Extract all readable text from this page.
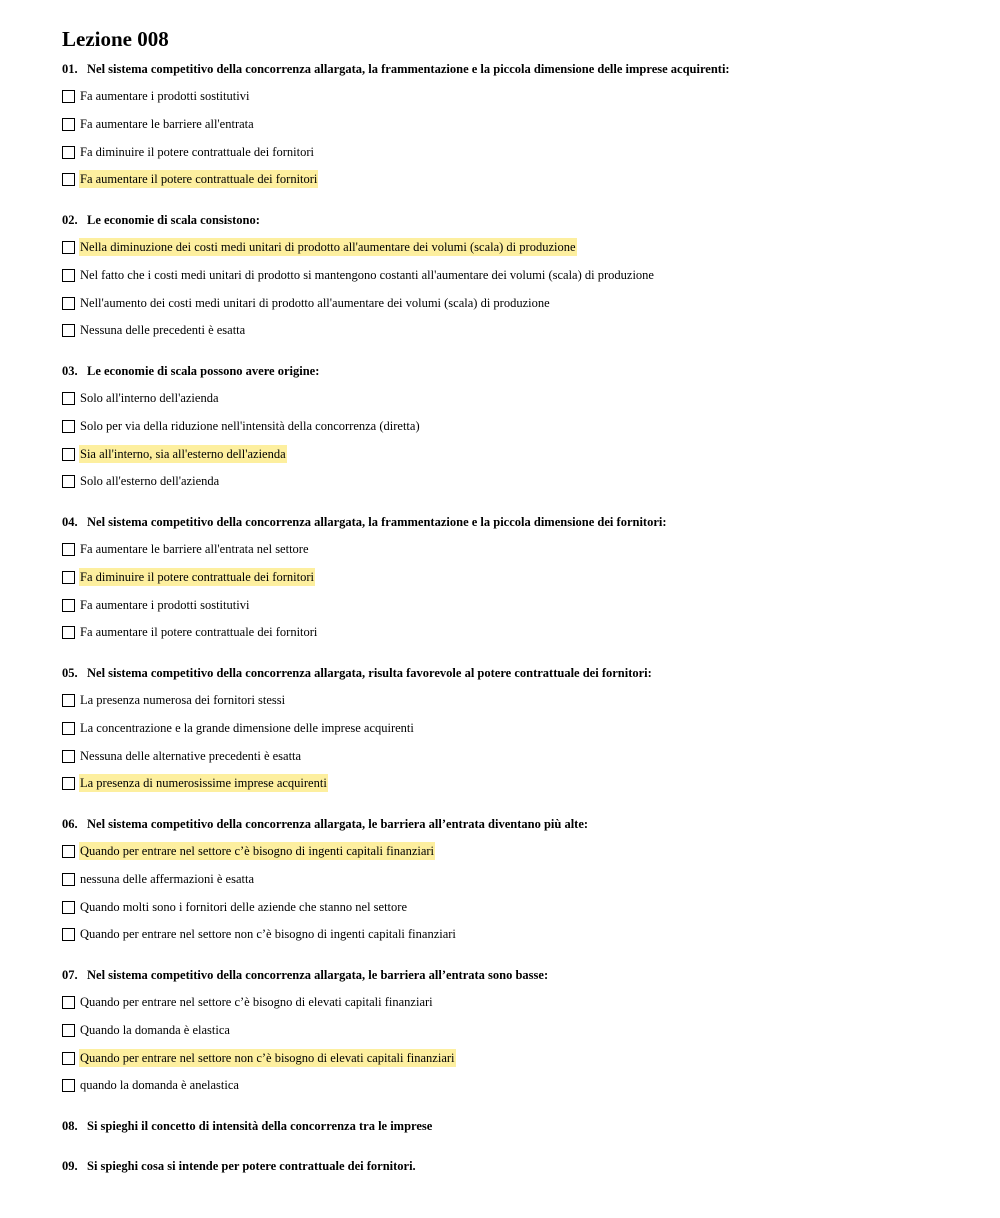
Lezione 008
01. Nel sistema competitivo della concorrenza allargata, la frammentazione e la piccola dimensione delle imprese acquirenti:
Fa aumentare i prodotti sostitutivi
Fa aumentare le barriere all'entrata
Fa diminuire il potere contrattuale dei fornitori
Fa aumentare il potere contrattuale dei fornitori
02. Le economie di scala consistono:
Nella diminuzione dei costi medi unitari di prodotto all'aumentare dei volumi (scala) di produzione
Nel fatto che i costi medi unitari di prodotto si mantengono costanti all'aumentare dei volumi (scala) di produzione
Nell'aumento dei costi medi unitari di prodotto all'aumentare dei volumi (scala) di produzione
Nessuna delle precedenti è esatta
03. Le economie di scala possono avere origine:
Solo all'interno dell'azienda
Solo per via della riduzione nell'intensità della concorrenza (diretta)
Sia all'interno, sia all'esterno dell'azienda
Solo all'esterno dell'azienda
04. Nel sistema competitivo della concorrenza allargata, la frammentazione e la piccola dimensione dei fornitori:
Fa aumentare le barriere all'entrata nel settore
Fa diminuire il potere contrattuale dei fornitori
Fa aumentare i prodotti sostitutivi
Fa aumentare il potere contrattuale dei fornitori
05. Nel sistema competitivo della concorrenza allargata, risulta favorevole al potere contrattuale dei fornitori:
La presenza numerosa dei fornitori stessi
La concentrazione e la grande dimensione delle imprese acquirenti
Nessuna delle alternative precedenti è esatta
La presenza di numerosissime imprese acquirenti
06. Nel sistema competitivo della concorrenza allargata, le barriera all’entrata diventano più alte:
Quando per entrare nel settore c’è bisogno di ingenti capitali finanziari
nessuna delle affermazioni è esatta
Quando molti sono i fornitori delle aziende che stanno nel settore
Quando per entrare nel settore non c’è bisogno di ingenti capitali finanziari
07. Nel sistema competitivo della concorrenza allargata, le barriera all’entrata sono basse:
Quando per entrare nel settore c’è bisogno di elevati capitali finanziari
Quando la domanda è elastica
Quando per entrare nel settore non c’è bisogno di elevati capitali finanziari
quando la domanda è anelastica
08. Si spieghi il concetto di intensità della concorrenza tra le imprese
09. Si spieghi cosa si intende per potere contrattuale dei fornitori.
